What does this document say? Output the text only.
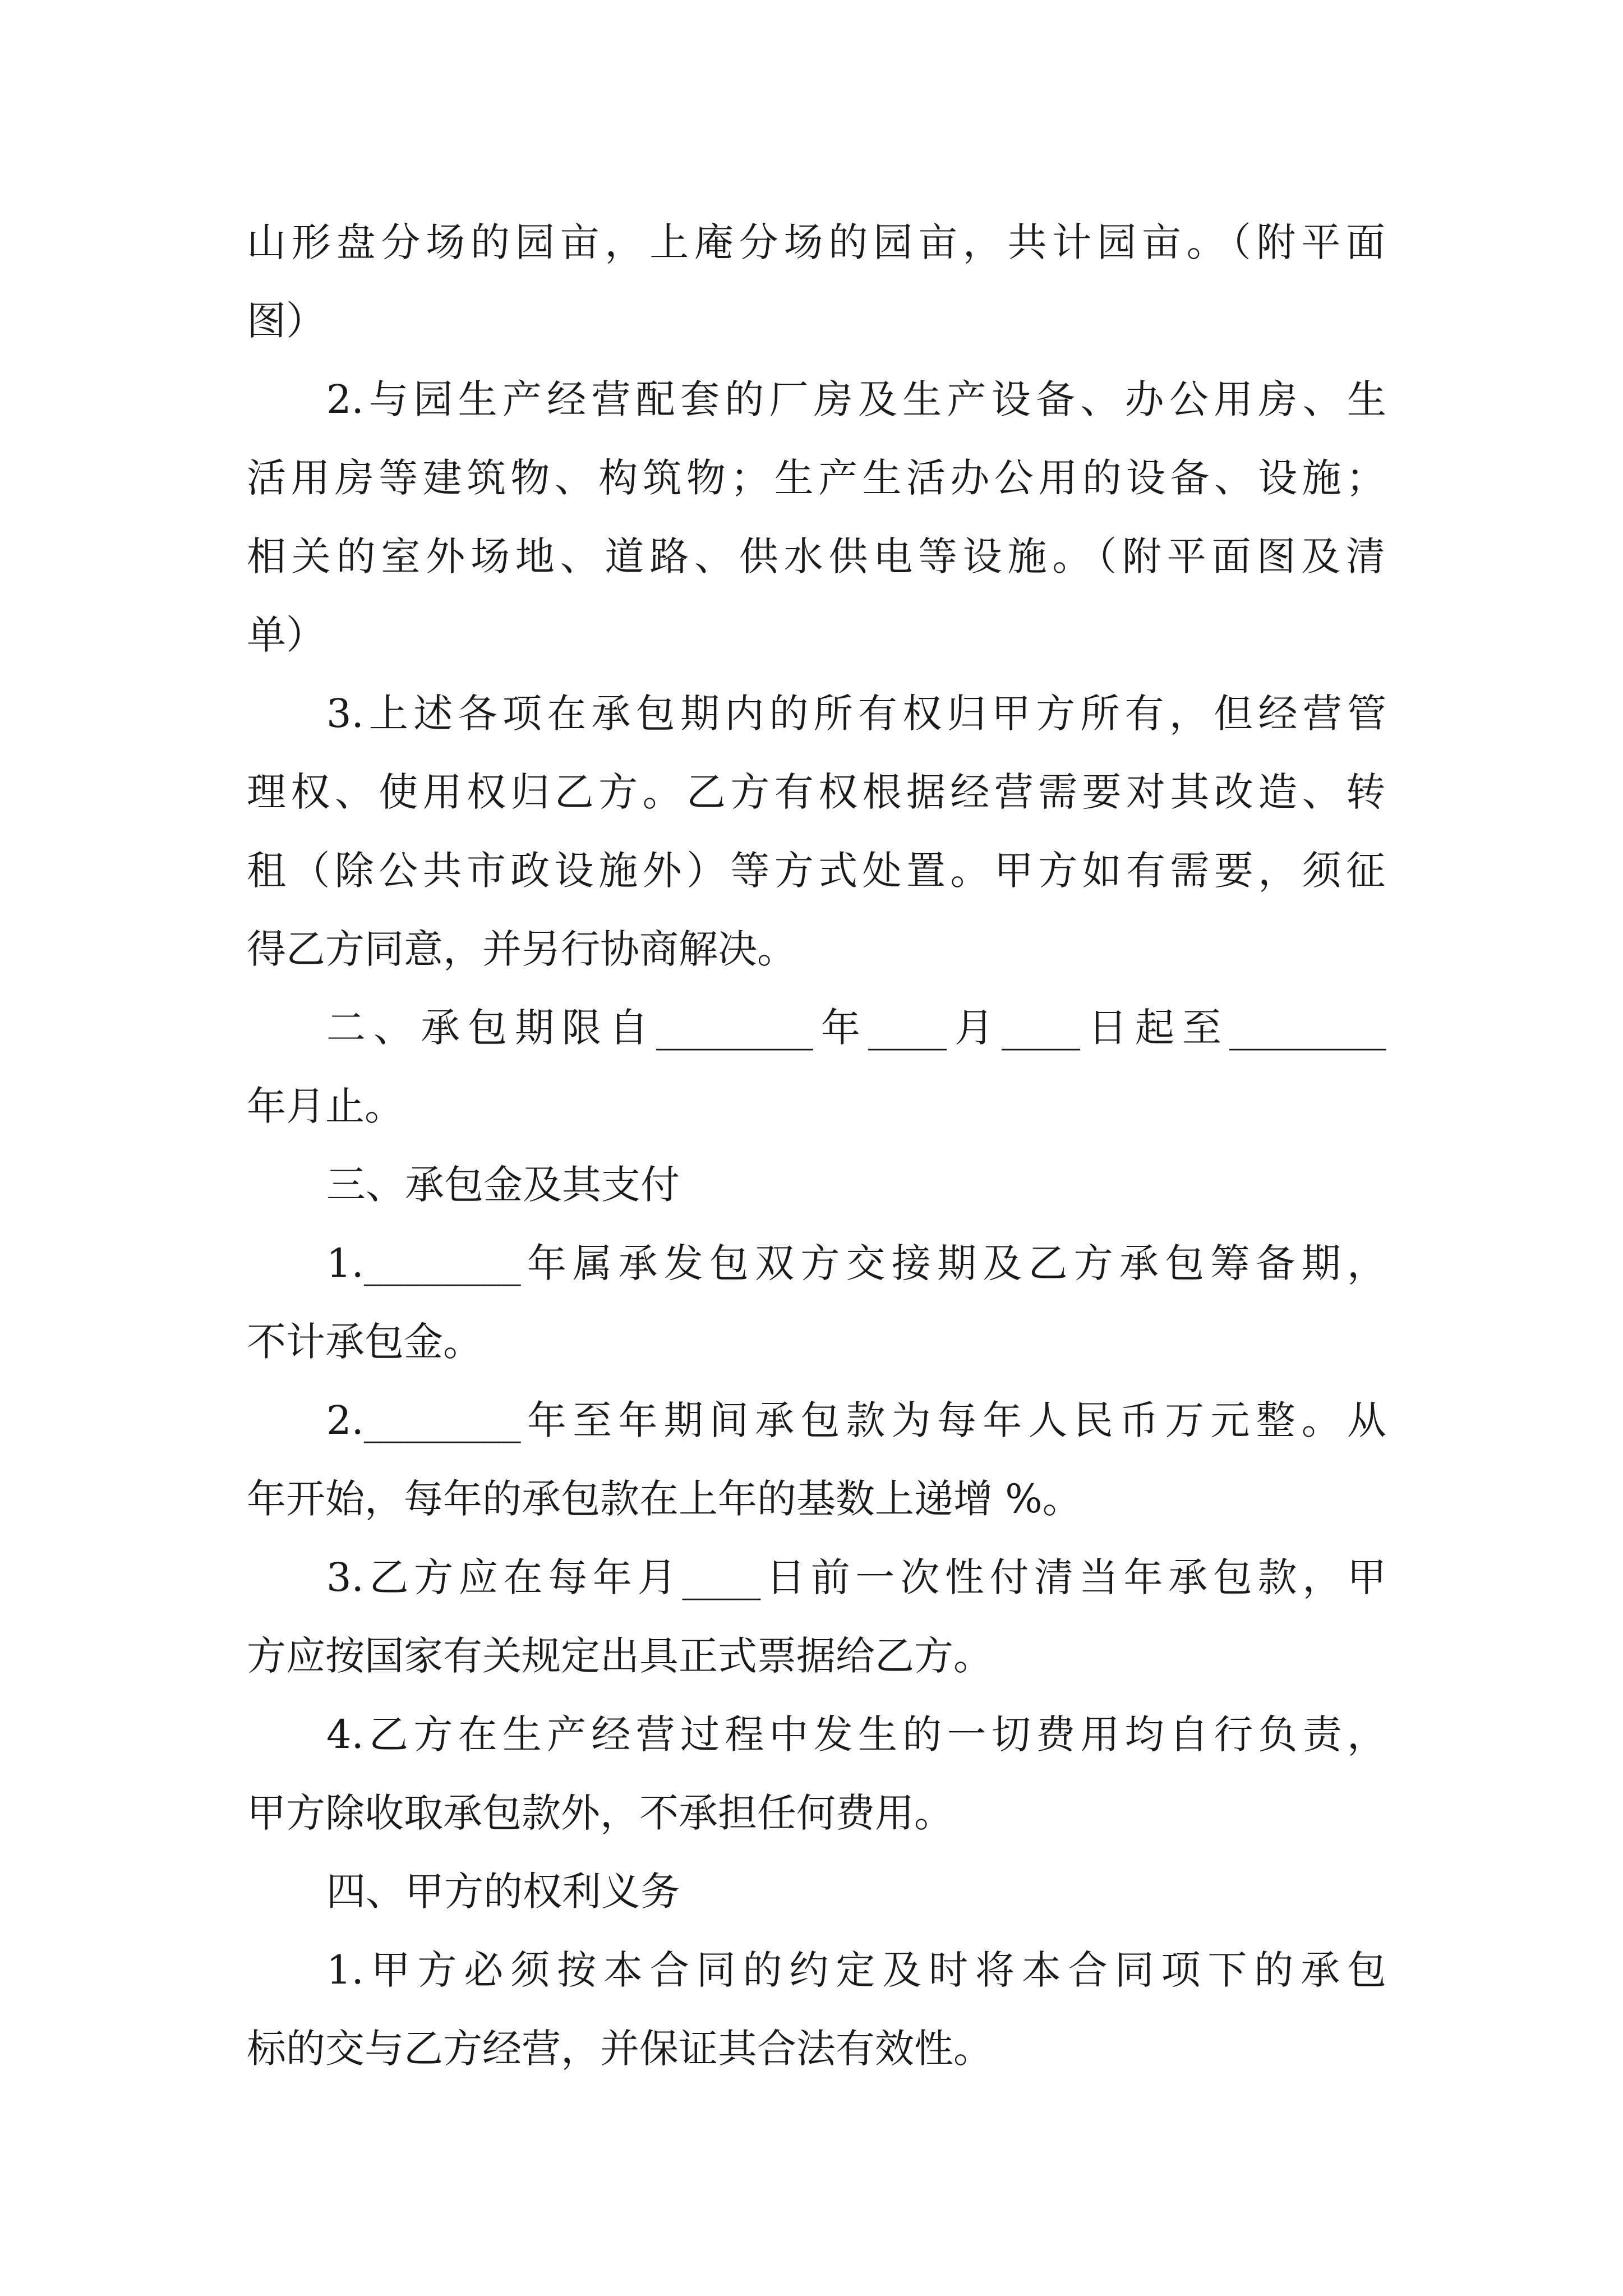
山形盘分场的园亩，上庵分场的园亩，共计园亩。（附平面
图）
2.与园生产经营配套的厂房及生产设备、办公用房、生
活用房等建筑物、构筑物；生产生活办公用的设备、设施；
相关的室外场地、道路、供水供电等设施。（附平面图及清
单）
3.上述各项在承包期内的所有权归甲方所有，但经营管
理权、使用权归乙方。乙方有权根据经营需要对其改造、转
租（除公共市政设施外）等方式处置。甲方如有需要，须征
得乙方同意，并另行协商解决。
二、承包期限自________年____月____日起至________
年月止。
三、承包金及其支付
1.________年属承发包双方交接期及乙方承包筹备期，
不计承包金。
2.________年至年期间承包款为每年人民币万元整。从
年开始，每年的承包款在上年的基数上递增 %。
3.乙方应在每年月____日前一次性付清当年承包款，甲
方应按国家有关规定出具正式票据给乙方。
4.乙方在生产经营过程中发生的一切费用均自行负责，
甲方除收取承包款外，不承担任何费用。
四、甲方的权利义务
1.甲方必须按本合同的约定及时将本合同项下的承包
标的交与乙方经营，并保证其合法有效性。
